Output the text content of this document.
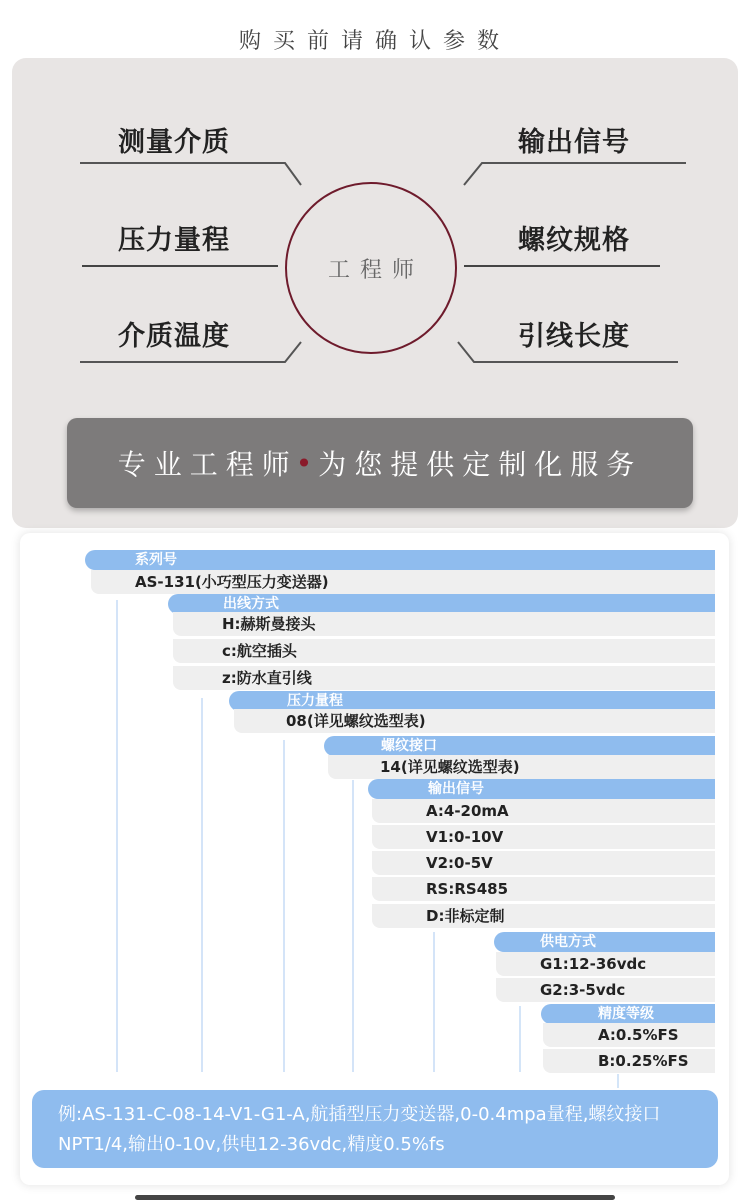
购买前请确认参数
测量介质
压力量程
介质温度
输出信号
螺纹规格
引线长度
工程师
专业工程师
• 为您提供定制化服务
系列号
AS-131(小巧型压力变送器)
出线方式
H:赫斯曼接头
c:航空插头
z:防水直引线
压力量程
08(详见螺纹选型表)
螺纹接口
14(详见螺纹选型表)
输出信号
A:4-20mA
V1:0-10V
V2:0-5V
RS:RS485
D:非标定制
供电方式
G1:12-36vdc
G2:3-5vdc
精度等级
A:0.5%FS
B:0.25%FS
例:AS-131-C-08-14-V1-G1-A,航插型压力变送器,0-0.4mpa量程,螺纹接口
NPT1/4,输出0-10v,供电12-36vdc,精度0.5%fs
